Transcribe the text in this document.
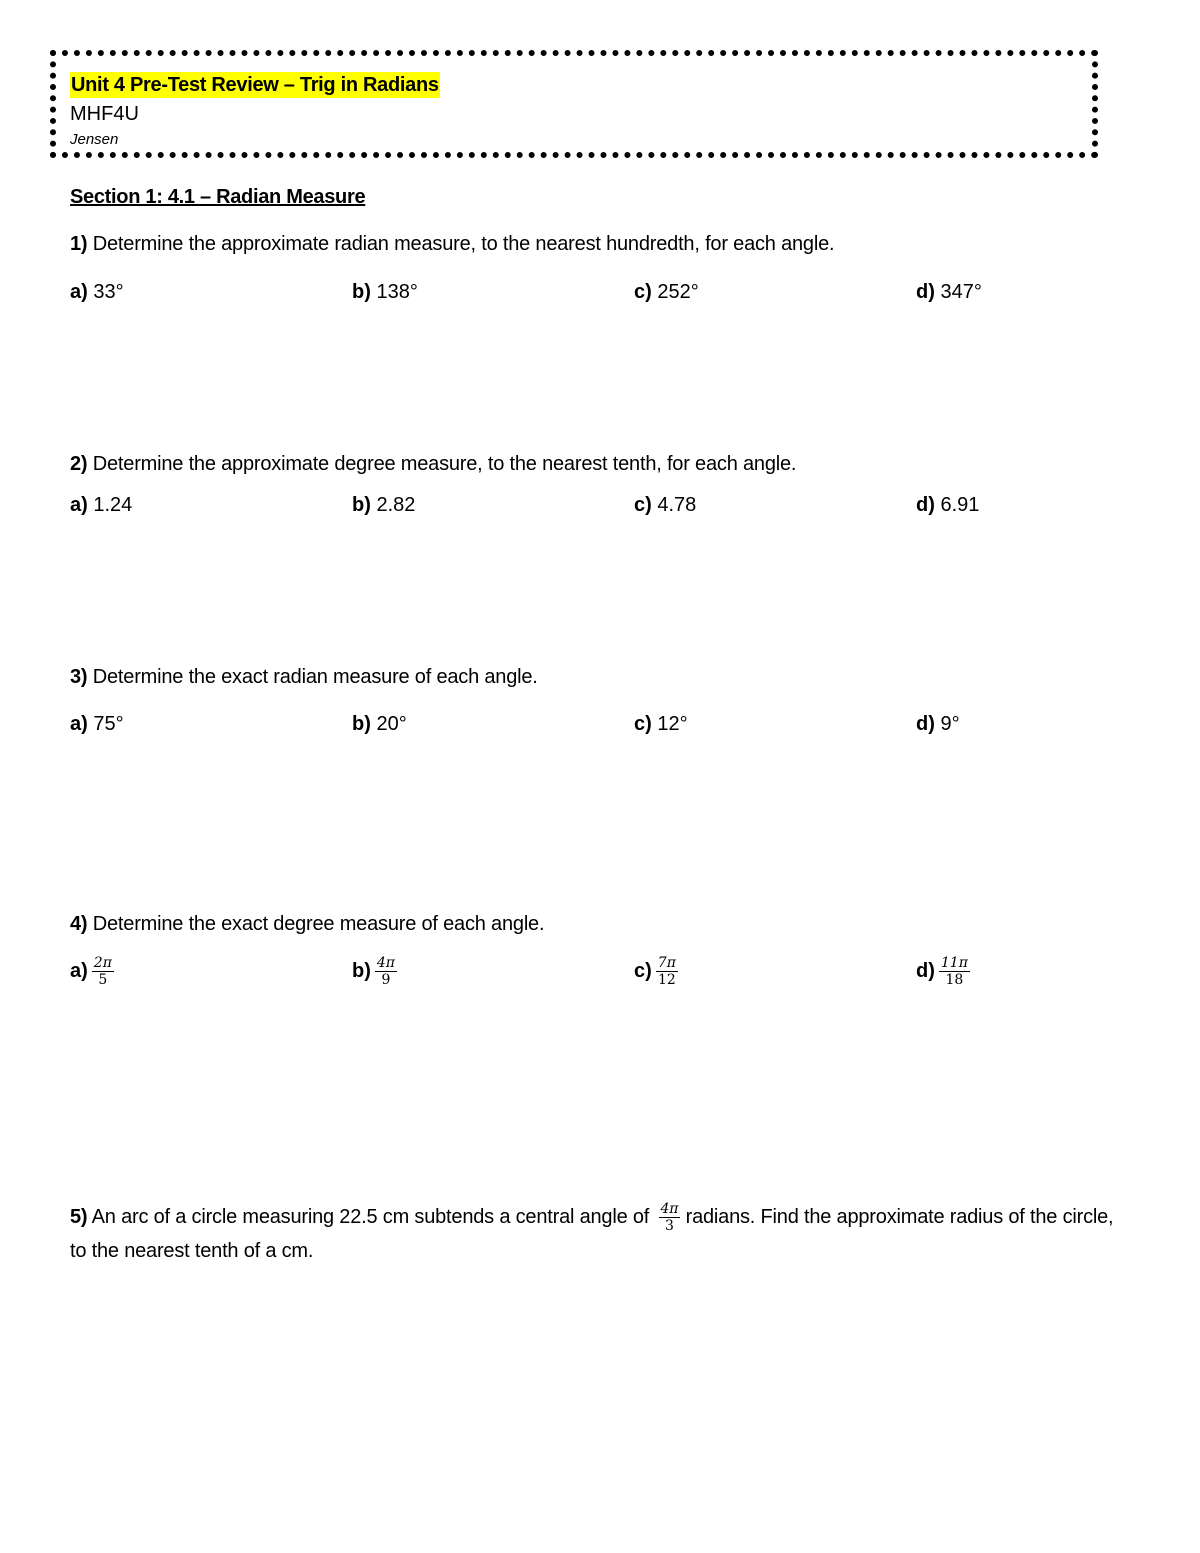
Unit 4 Pre-Test Review – Trig in Radians
MHF4U
Jensen
Section 1: 4.1 – Radian Measure
1) Determine the approximate radian measure, to the nearest hundredth, for each angle.
a) 33°	b) 138°	c) 252°	d) 347°
2) Determine the approximate degree measure, to the nearest tenth, for each angle.
a) 1.24	b) 2.82	c) 4.78	d) 6.91
3) Determine the exact radian measure of each angle.
a) 75°	b) 20°	c) 12°	d) 9°
4) Determine the exact degree measure of each angle.
$a) \frac{2\pi}{5}$	$b) \frac{4\pi}{9}$	$c) \frac{7\pi}{12}$	$d) \frac{11\pi}{18}$
5) An arc of a circle measuring 22.5 cm subtends a central angle of $\frac{4\pi}{3}$ radians. Find the approximate radius of the circle, to the nearest tenth of a cm.
